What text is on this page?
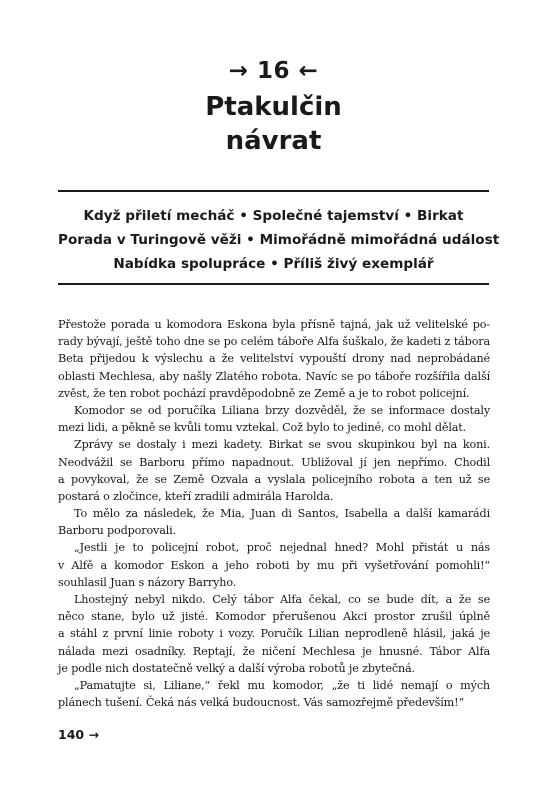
→ 16 ←
Ptakulčin
návrat
Když přiletí mecháč • Společné tajemství • Birkat
Porada v Turingově věži • Mimořádně mimořádná událost
Nabídka spolupráce • Příliš živý exemplář
Přestože porada u komodora Eskona byla přísně tajná, jak už velitelské po-
rady bývají, ještě toho dne se po celém táboře Alfa šuškalo, že kadeti z tábora
Beta přijedou k výslechu a že velitelství vypouští drony nad neprobádané
oblasti Mechlesa, aby našly Zlatého robota. Navíc se po táboře rozšířila další
zvěst, že ten robot pochází pravděpodobně ze Země a je to robot policejní.
Komodor se od poručíka Liliana brzy dozvěděl, že se informace dostaly
mezi lidi, a pěkně se kvůli tomu vztekal. Což bylo to jediné, co mohl dělat.
Zprávy se dostaly i mezi kadety. Birkat se svou skupinkou byl na koni.
Neodvážil se Barboru přímo napadnout. Ubližoval jí jen nepřímo. Chodil
a povykoval, že se Země Ozvala a vyslala policejního robota a ten už se
postará o zločince, kteří zradili admirála Harolda.
To mělo za následek, že Mia, Juan di Santos, Isabella a další kamarádi
Barboru podporovali.
„Jestli je to policejní robot, proč nejednal hned? Mohl přistát u nás
v Alfě a komodor Eskon a jeho roboti by mu při vyšetřování pomohli!“
souhlasil Juan s názory Barryho.
Lhostejný nebyl nikdo. Celý tábor Alfa čekal, co se bude dít, a že se
něco stane, bylo už jisté. Komodor přerušenou Akci prostor zrušil úplně
a stáhl z první linie roboty i vozy. Poručík Lilian neprodleně hlásil, jaká je
nálada mezi osadníky. Reptají, že ničení Mechlesa je hnusné. Tábor Alfa
je podle nich dostatečně velký a další výroba robotů je zbytečná.
„Pamatujte si, Liliane,“ řekl mu komodor, „že ti lidé nemají o mých
plánech tušení. Čeká nás velká budoucnost. Vás samozřejmě především!“
140 →
